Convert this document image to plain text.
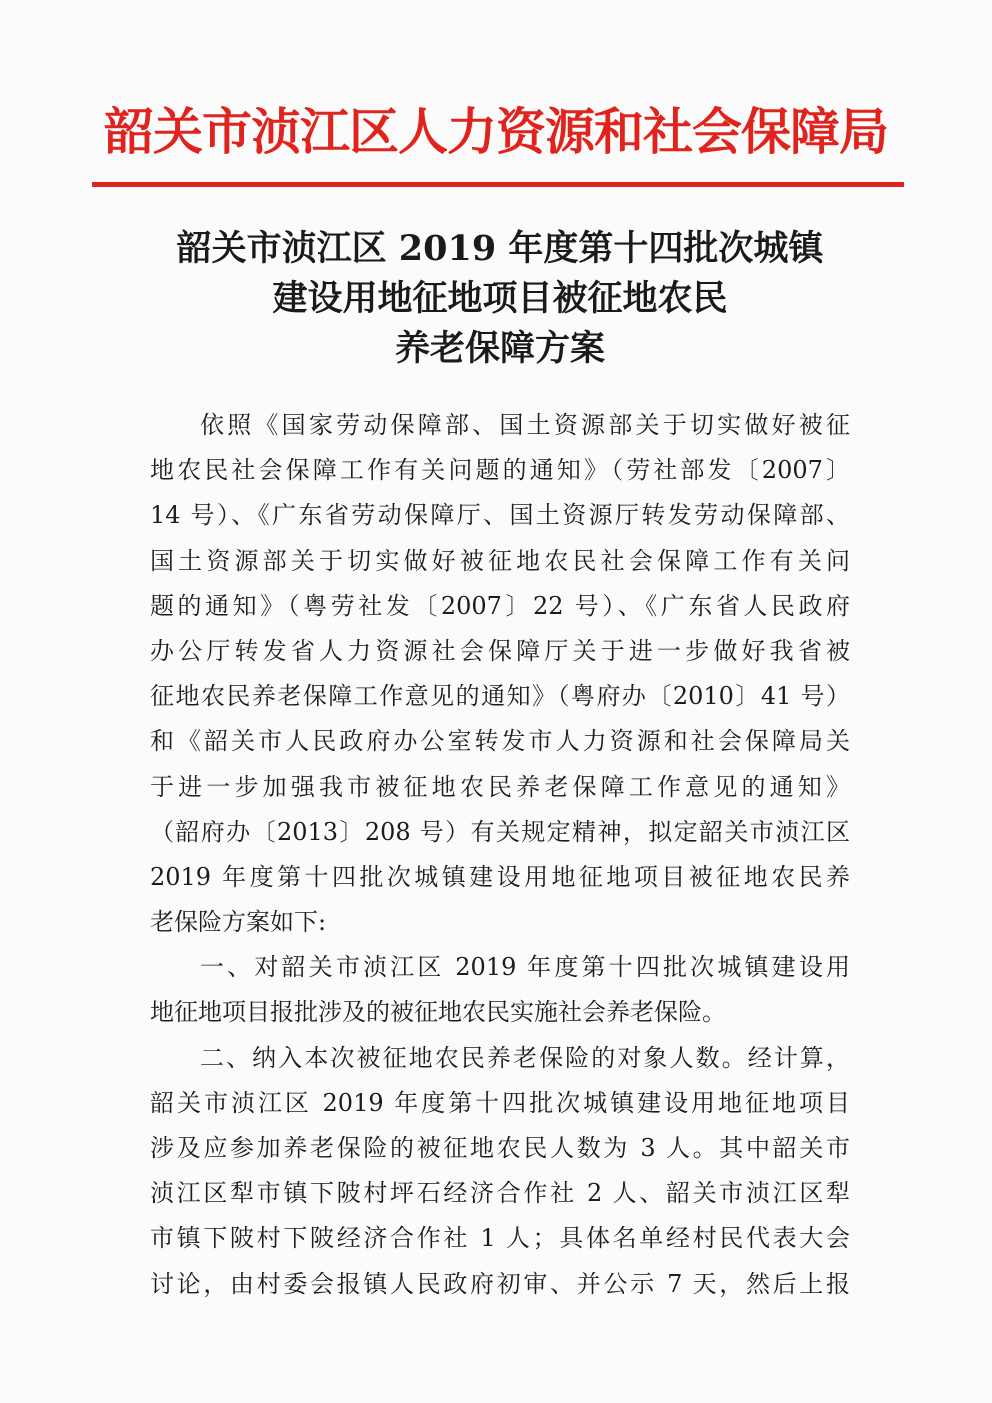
韶关市浈江区人力资源和社会保障局
韶关市浈江区 2019 年度第十四批次城镇
建设用地征地项目被征地农民
养老保障方案
依照《国家劳动保障部、国土资源部关于切实做好被征
地农民社会保障工作有关问题的通知》（劳社部发〔2007〕
14 号）、《广东省劳动保障厅、国土资源厅转发劳动保障部、
国土资源部关于切实做好被征地农民社会保障工作有关问
题的通知》（粤劳社发〔2007〕22 号）、《广东省人民政府
办公厅转发省人力资源社会保障厅关于进一步做好我省被
征地农民养老保障工作意见的通知》（粤府办〔2010〕41 号）
和《韶关市人民政府办公室转发市人力资源和社会保障局关
于进一步加强我市被征地农民养老保障工作意见的通知》
（韶府办〔2013〕208 号）有关规定精神，拟定韶关市浈江区
2019 年度第十四批次城镇建设用地征地项目被征地农民养
老保险方案如下:
一、对韶关市浈江区 2019 年度第十四批次城镇建设用
地征地项目报批涉及的被征地农民实施社会养老保险。
二、纳入本次被征地农民养老保险的对象人数。经计算，
韶关市浈江区 2019 年度第十四批次城镇建设用地征地项目
涉及应参加养老保险的被征地农民人数为 3 人。其中韶关市
浈江区犁市镇下陂村坪石经济合作社 2 人、韶关市浈江区犁
市镇下陂村下陂经济合作社 1 人；具体名单经村民代表大会
讨论，由村委会报镇人民政府初审、并公示 7 天，然后上报
